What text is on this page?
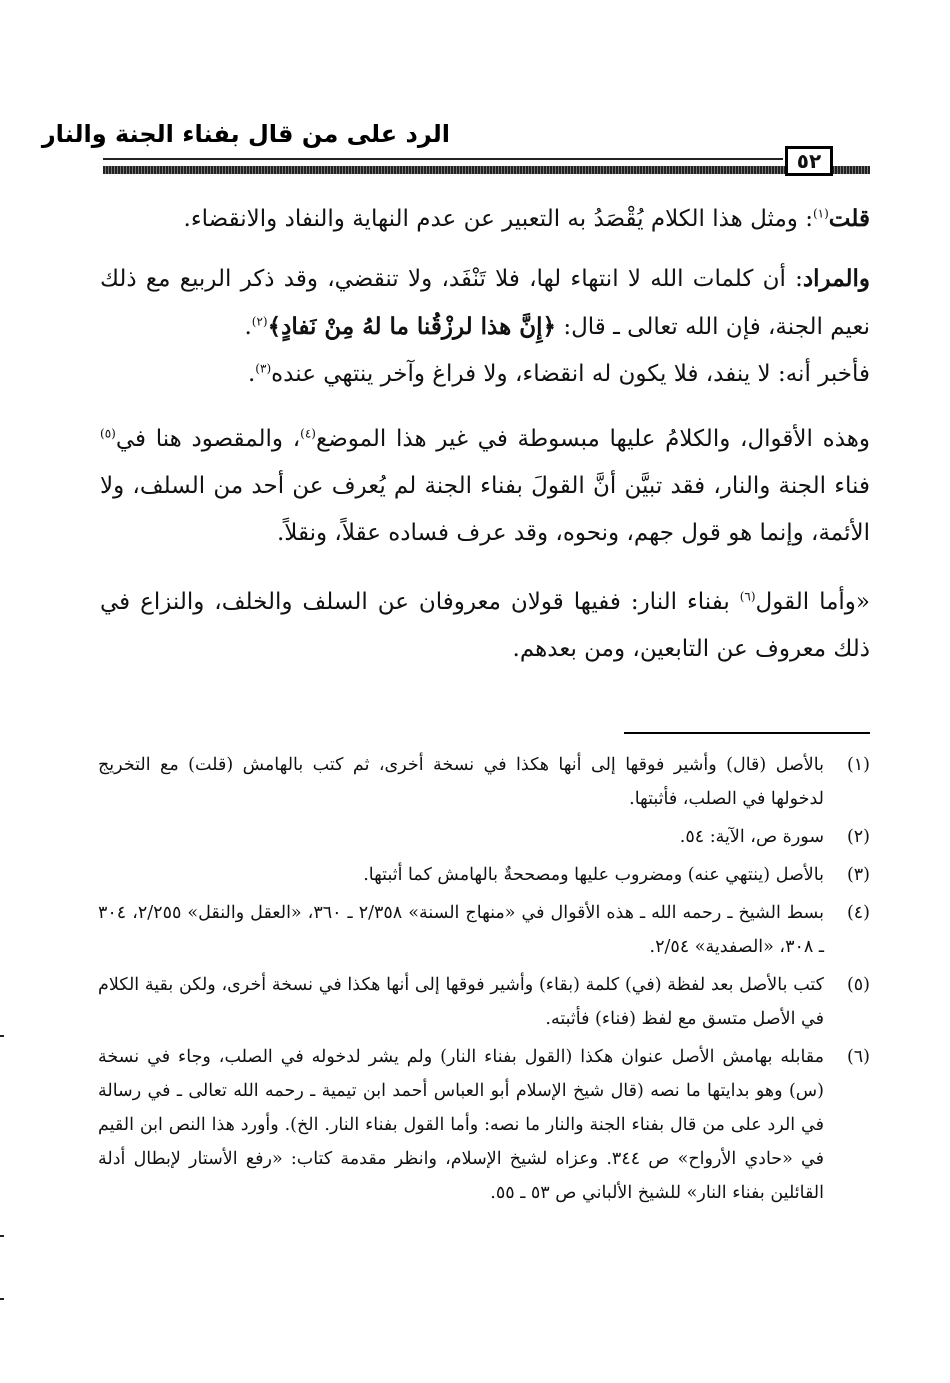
الرد على من قال بفناء الجنة والنار
٥٢

قلت$^{(١)}$: ومثل هذا الكلام يُقْصَدُ به التعبير عن عدم النهاية والنفاد والانقضاء.

والمراد: أن كلمات الله لا انتهاء لها، فلا تَنْفَد، ولا تنقضي، وقد ذكر الربيع مع ذلك نعيم الجنة، فإن الله تعالى ـ قال: ﴿إِنَّ هذا لرزْقُنا ما لهُ مِنْ نَفادٍ﴾$^{(٢)}$.
فأخبر أنه: لا ينفد، فلا يكون له انقضاء، ولا فراغ وآخر ينتهي عنده$^{(٣)}$.

وهذه الأقوال، والكلامُ عليها مبسوطة في غير هذا الموضع$^{(٤)}$، والمقصود هنا في$^{(٥)}$ فناء الجنة والنار، فقد تبيَّن أنَّ القولَ بفناء الجنة لم يُعرف عن أحد من السلف، ولا الأئمة، وإنما هو قول جهم، ونحوه، وقد عرف فساده عقلاً، ونقلاً.

«وأما القول$^{(٦)}$ بفناء النار: ففيها قولان معروفان عن السلف والخلف، والنزاع في ذلك معروف عن التابعين، ومن بعدهم.

(١)
بالأصل (قال) وأشير فوقها إلى أنها هكذا في نسخة أخرى، ثم كتب بالهامش (قلت) مع التخريج لدخولها في الصلب، فأثبتها.
(٢)
سورة ص، الآية: ٥٤.
(٣)
بالأصل (ينتهي عنه) ومضروب عليها ومصححةٌ بالهامش كما أثبتها.
(٤)
بسط الشيخ ـ رحمه الله ـ هذه الأقوال في «منهاج السنة» ٢/٣٥٨ ـ ٣٦٠، «العقل والنقل» ٢/٢٥٥، ٣٠٤ ـ ٣٠٨، «الصفدية» ٢/٥٤.
(٥)
كتب بالأصل بعد لفظة (في) كلمة (بقاء) وأشير فوقها إلى أنها هكذا في نسخة أخرى، ولكن بقية الكلام في الأصل متسق مع لفظ (فناء) فأثبته.
(٦)
مقابله بهامش الأصل عنوان هكذا (القول بفناء النار) ولم يشر لدخوله في الصلب، وجاء في نسخة (س) وهو بدايتها ما نصه (قال شيخ الإسلام أبو العباس أحمد ابن تيمية ـ رحمه الله تعالى ـ في رسالة في الرد على من قال بفناء الجنة والنار ما نصه: وأما القول بفناء النار. الخ). وأورد هذا النص ابن القيم في «حادي الأرواح» ص ٣٤٤. وعزاه لشيخ الإسلام، وانظر مقدمة كتاب: «رفع الأستار لإبطال أدلة القائلين بفناء النار» للشيخ الألباني ص ٥٣ ـ ٥٥.
